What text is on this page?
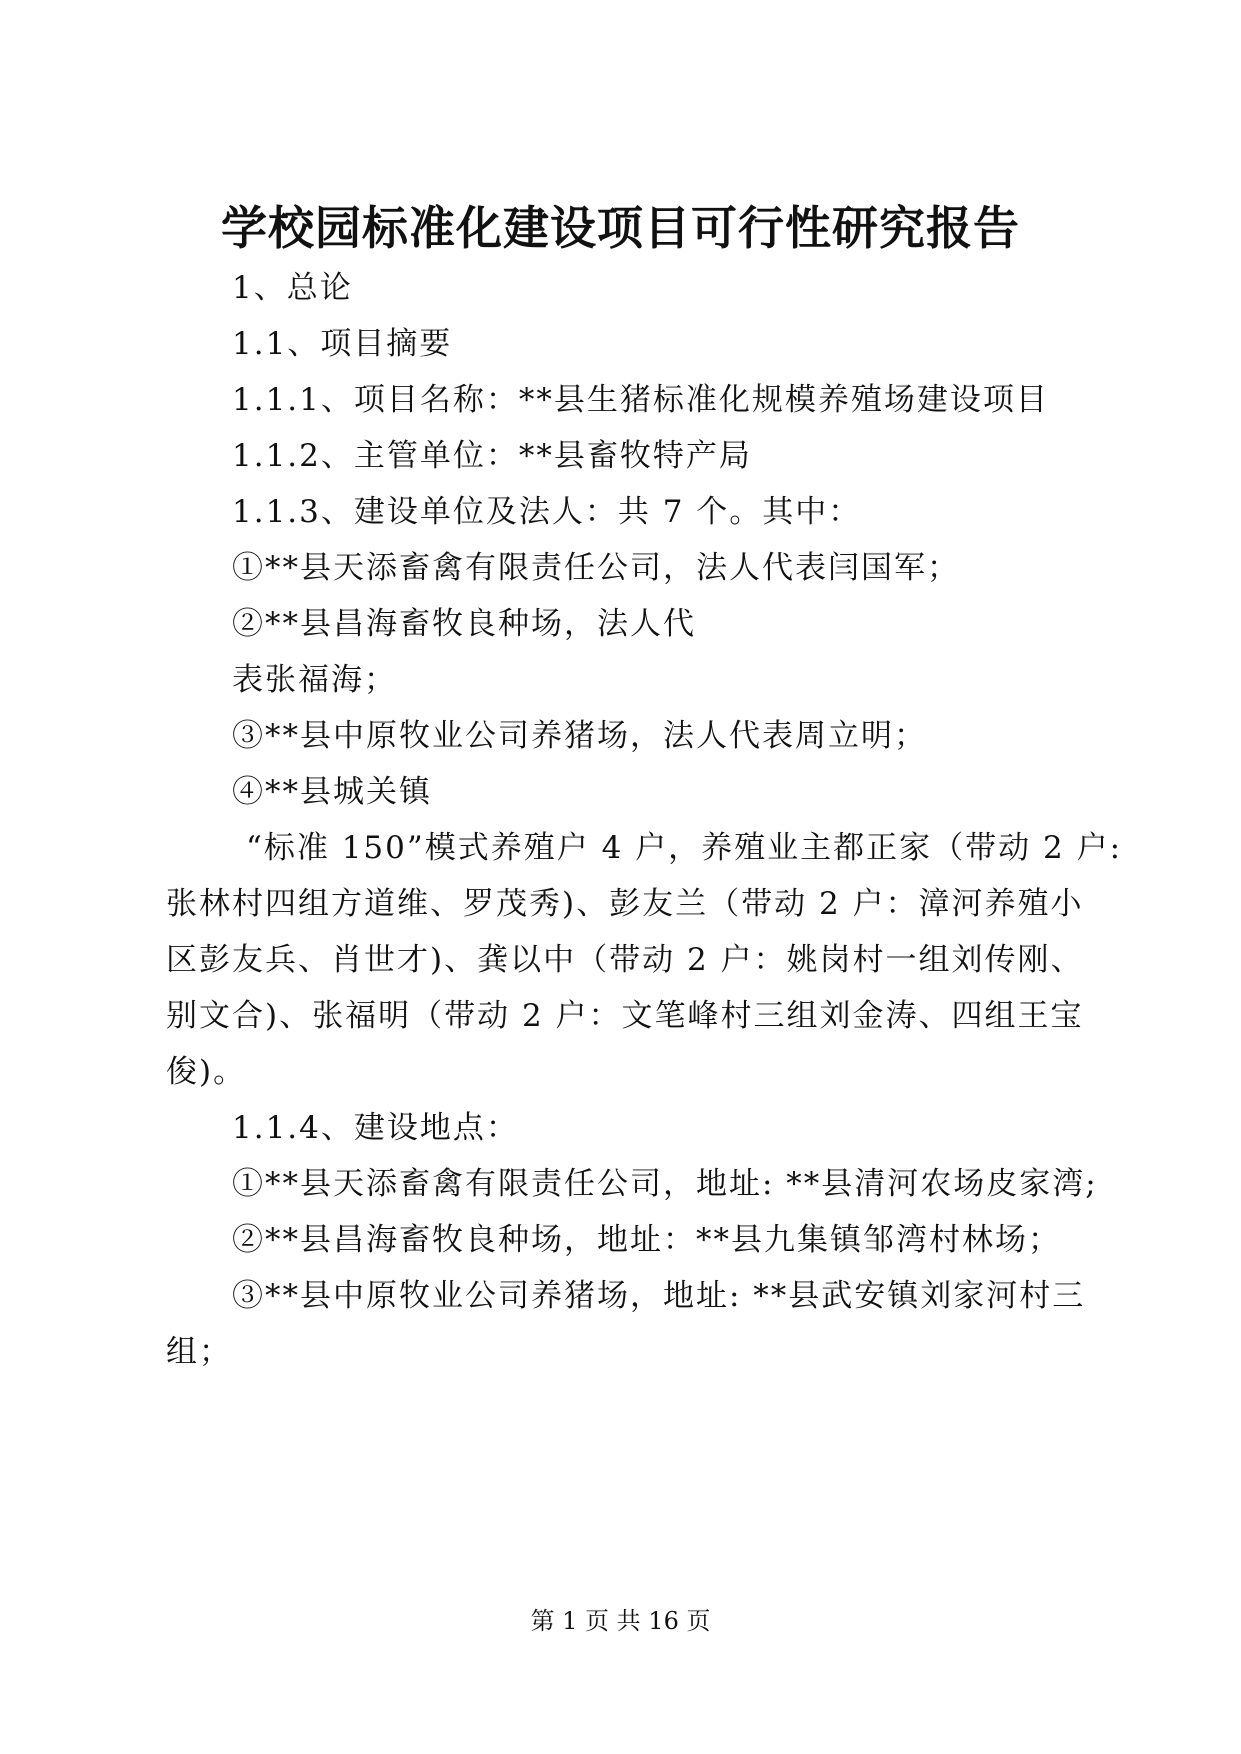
学校园标准化建设项目可行性研究报告
1、总论
1.1、项目摘要
1.1.1、项目名称：**县生猪标准化规模养殖场建设项目
1.1.2、主管单位：**县畜牧特产局
1.1.3、建设单位及法人：共 7 个。其中：
①**县天添畜禽有限责任公司，法人代表闫国军；
②**县昌海畜牧良种场，法人代
表张福海；
③**县中原牧业公司养猪场，法人代表周立明；
④**县城关镇
“标准 150”模式养殖户 4 户，养殖业主都正家（带动 2 户:
张林村四组方道维、罗茂秀)、彭友兰（带动 2 户：漳河养殖小
区彭友兵、肖世才)、龚以中（带动 2 户：姚岗村一组刘传刚、
别文合)、张福明（带动 2 户：文笔峰村三组刘金涛、四组王宝
俊)。
1.1.4、建设地点：
①**县天添畜禽有限责任公司，地址: **县清河农场皮家湾;
②**县昌海畜牧良种场，地址：**县九集镇邹湾村林场；
③**县中原牧业公司养猪场，地址: **县武安镇刘家河村三
组；
第 1 页 共 16 页
